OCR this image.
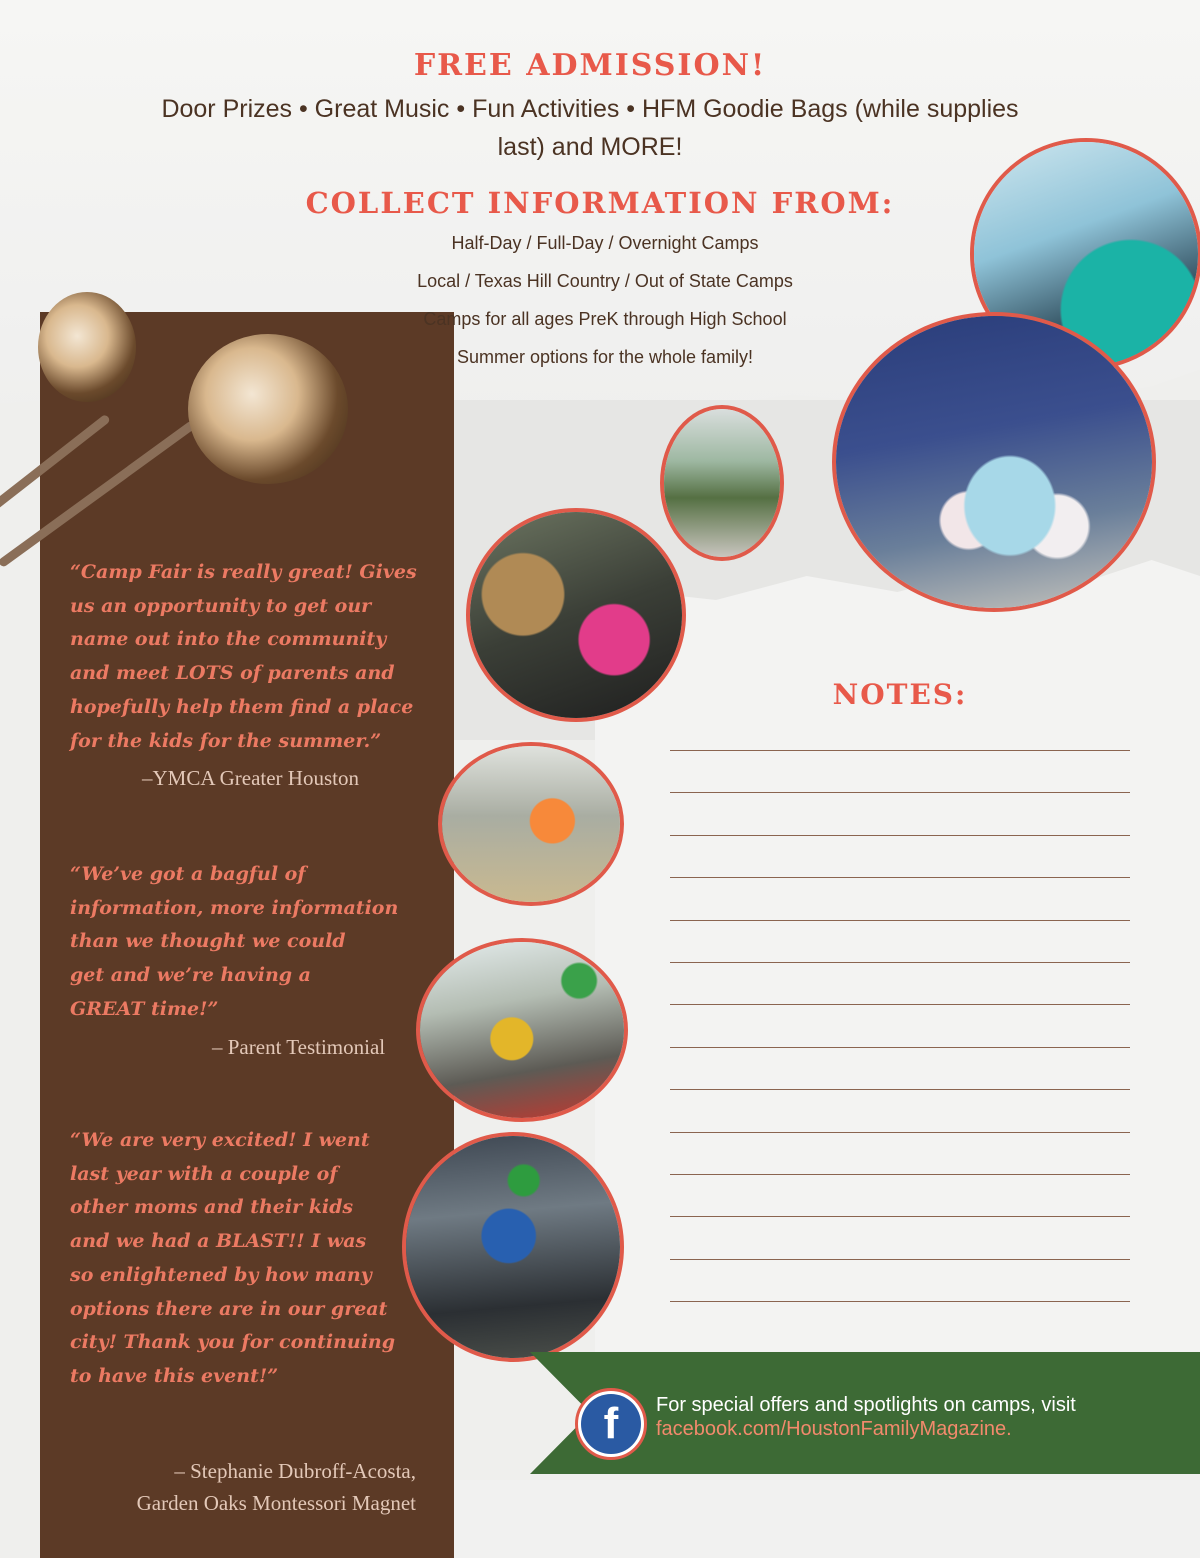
FREE ADMISSION!

Door Prizes • Great Music • Fun Activities • HFM Goodie Bags (while supplies last) and MORE!

COLLECT INFORMATION FROM:
Half-Day / Full-Day / Overnight Camps
Local / Texas Hill Country / Out of State Camps
Camps for all ages PreK through High School
Summer options for the whole family!

“Camp Fair is really great! Gives
us an opportunity to get our
name out into the community
and meet LOTS of parents and
hopefully help them find a place
for the kids for the summer.”

–YMCA Greater Houston

“We’ve got a bagful of
information, more information
than we thought we could
get and we’re having a
GREAT time!”

– Parent Testimonial

“We are very excited! I went
last year with a couple of
other moms and their kids
and we had a BLAST!! I was
so enlightened by how many
options there are in our great
city! Thank you for continuing
to have this event!”

– Stephanie Dubroff-Acosta,
Garden Oaks Montessori Magnet

NOTES:
f	For special offers and spotlights on camps, visit
facebook.com/HoustonFamilyMagazine.
